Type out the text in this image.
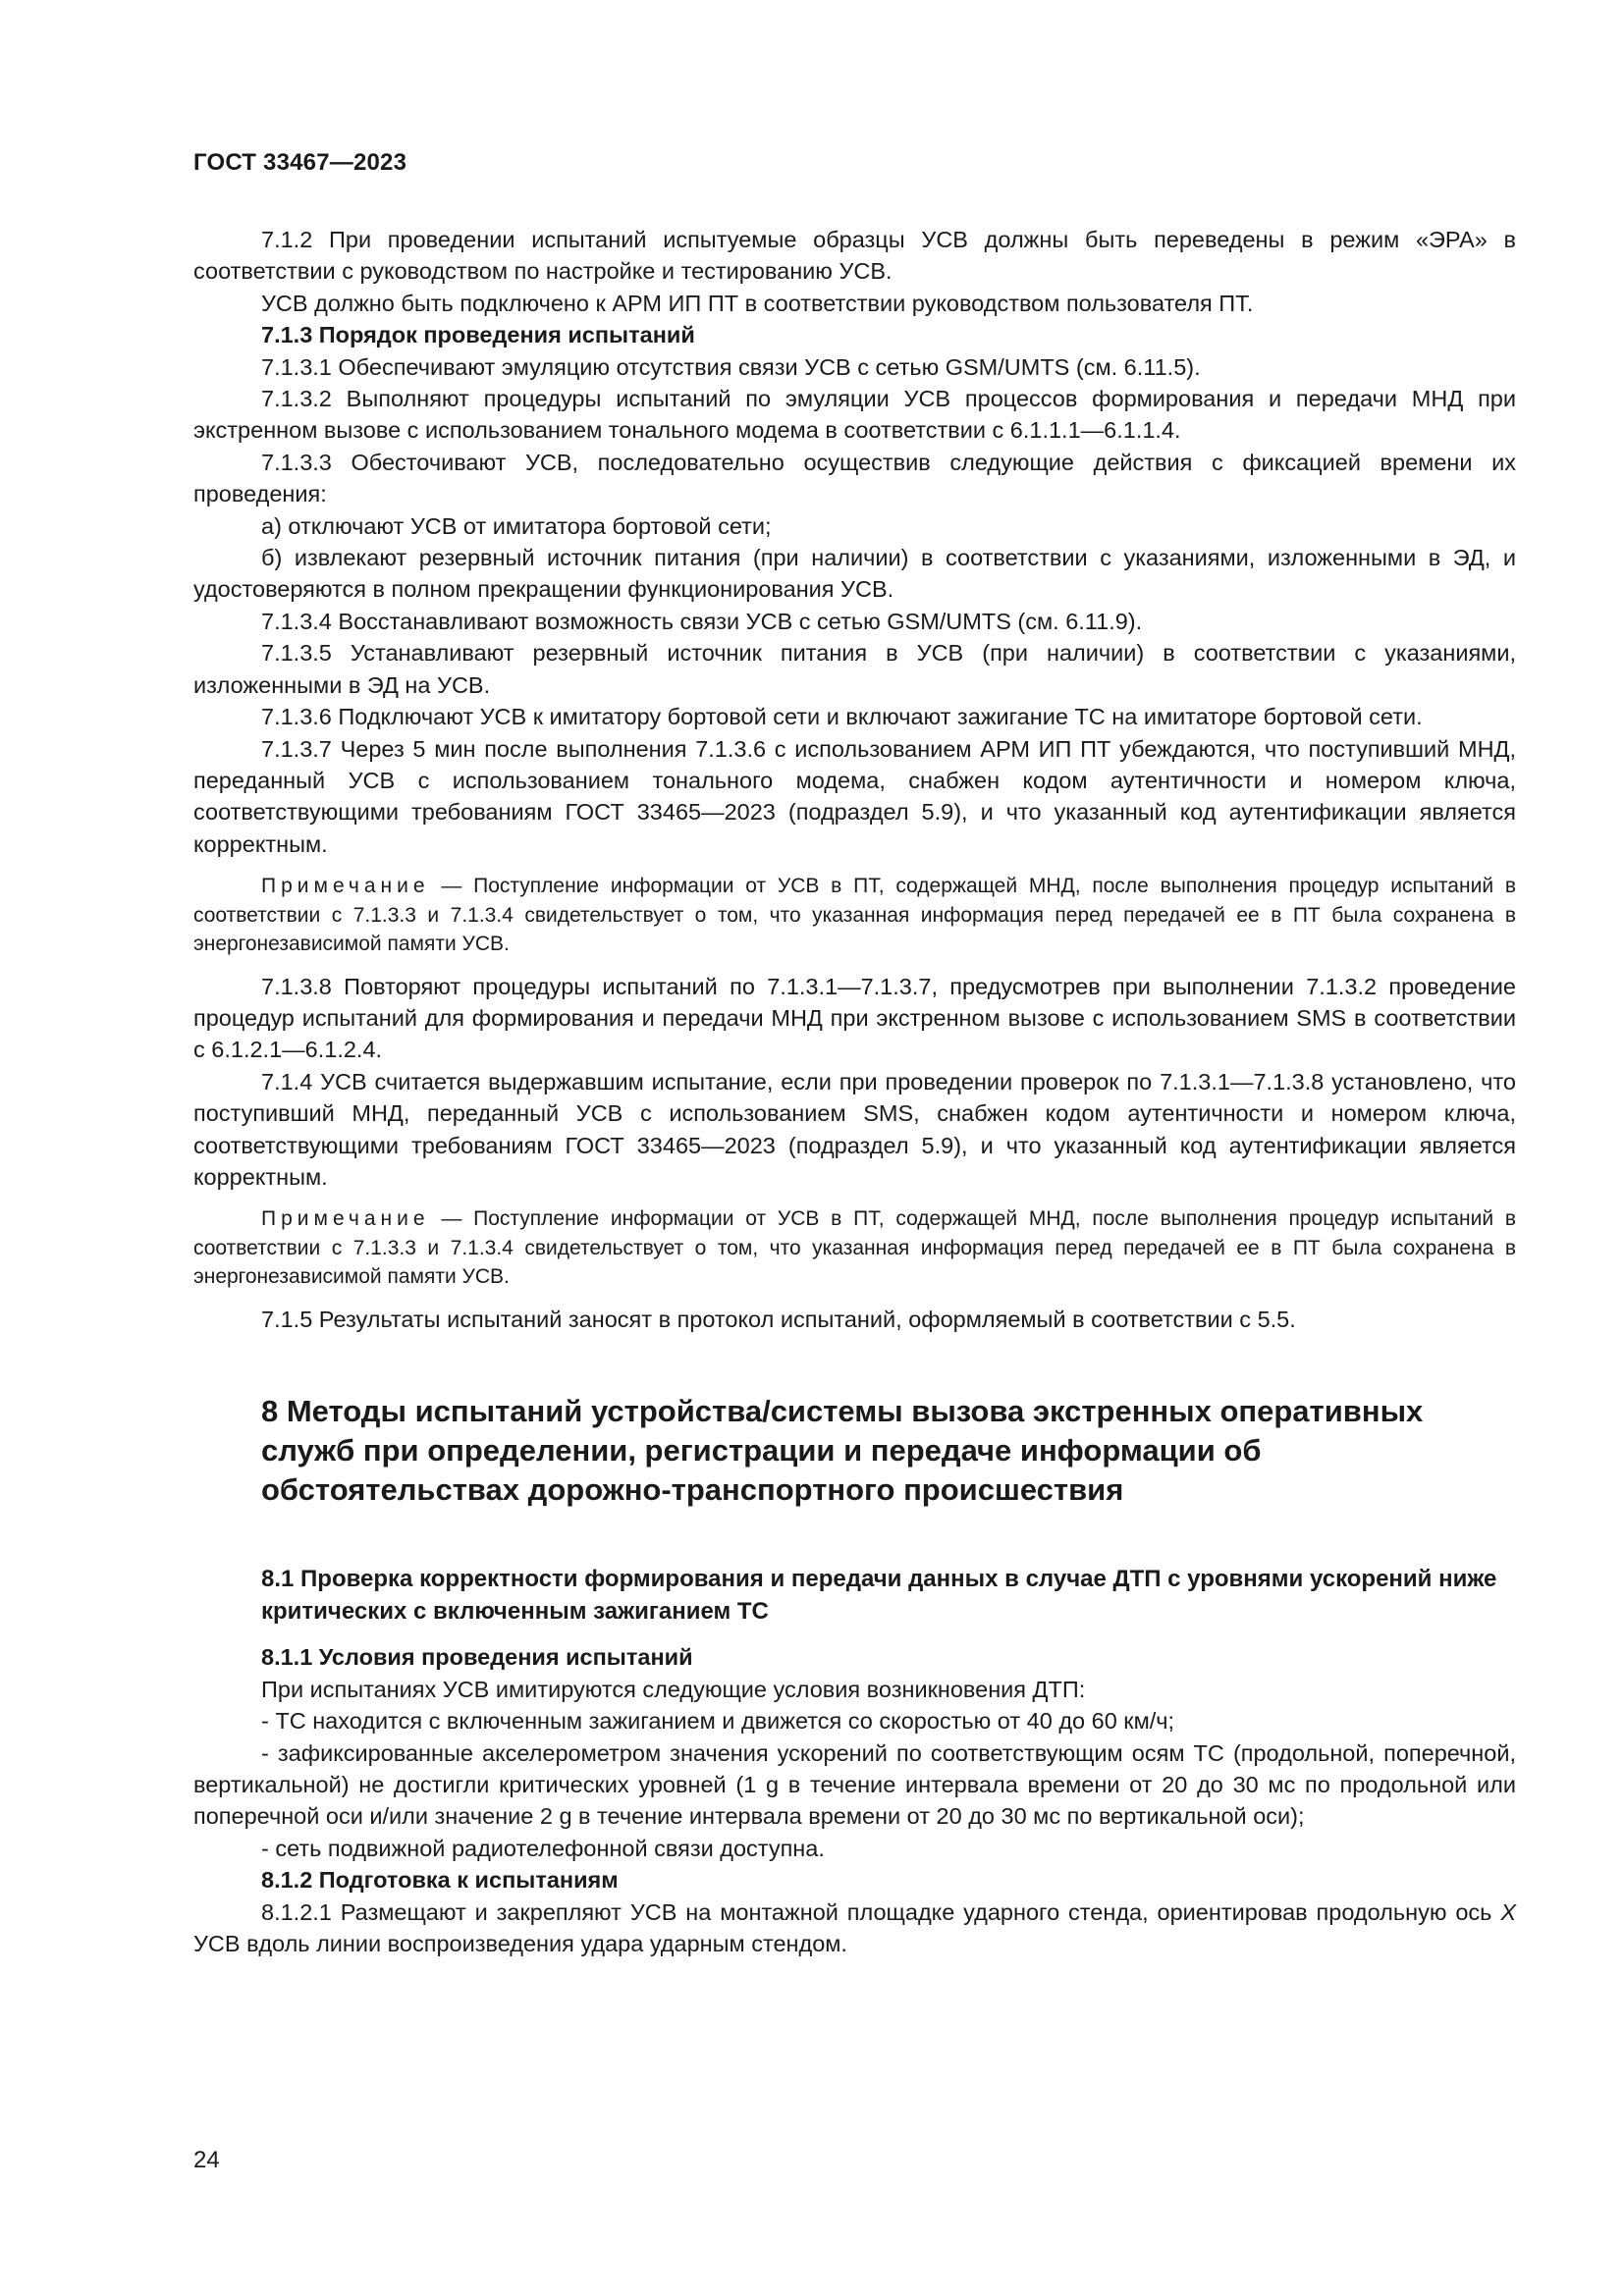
ГОСТ 33467—2023

7.1.2 При проведении испытаний испытуемые образцы УСВ должны быть переведены в режим «ЭРА» в соответствии с руководством по настройке и тестированию УСВ.

УСВ должно быть подключено к АРМ ИП ПТ в соответствии руководством пользователя ПТ.

7.1.3 Порядок проведения испытаний

7.1.3.1 Обеспечивают эмуляцию отсутствия связи УСВ с сетью GSM/UMTS (см. 6.11.5).

7.1.3.2 Выполняют процедуры испытаний по эмуляции УСВ процессов формирования и передачи МНД при экстренном вызове с использованием тонального модема в соответствии с 6.1.1.1—6.1.1.4.

7.1.3.3 Обесточивают УСВ, последовательно осуществив следующие действия с фиксацией времени их проведения:

а) отключают УСВ от имитатора бортовой сети;

б) извлекают резервный источник питания (при наличии) в соответствии с указаниями, изложенными в ЭД, и удостоверяются в полном прекращении функционирования УСВ.

7.1.3.4 Восстанавливают возможность связи УСВ с сетью GSM/UMTS (см. 6.11.9).

7.1.3.5 Устанавливают резервный источник питания в УСВ (при наличии) в соответствии с указаниями, изложенными в ЭД на УСВ.

7.1.3.6 Подключают УСВ к имитатору бортовой сети и включают зажигание ТС на имитаторе бортовой сети.

7.1.3.7 Через 5 мин после выполнения 7.1.3.6 с использованием АРМ ИП ПТ убеждаются, что поступивший МНД, переданный УСВ с использованием тонального модема, снабжен кодом аутентичности и номером ключа, соответствующими требованиям ГОСТ 33465—2023 (подраздел 5.9), и что указанный код аутентификации является корректным.

Примечание — Поступление информации от УСВ в ПТ, содержащей МНД, после выполнения процедур испытаний в соответствии с 7.1.3.3 и 7.1.3.4 свидетельствует о том, что указанная информация перед передачей ее в ПТ была сохранена в энергонезависимой памяти УСВ.

7.1.3.8 Повторяют процедуры испытаний по 7.1.3.1—7.1.3.7, предусмотрев при выполнении 7.1.3.2 проведение процедур испытаний для формирования и передачи МНД при экстренном вызове с использованием SMS в соответствии с 6.1.2.1—6.1.2.4.

7.1.4 УСВ считается выдержавшим испытание, если при проведении проверок по 7.1.3.1—7.1.3.8 установлено, что поступивший МНД, переданный УСВ с использованием SMS, снабжен кодом аутентичности и номером ключа, соответствующими требованиям ГОСТ 33465—2023 (подраздел 5.9), и что указанный код аутентификации является корректным.

Примечание — Поступление информации от УСВ в ПТ, содержащей МНД, после выполнения процедур испытаний в соответствии с 7.1.3.3 и 7.1.3.4 свидетельствует о том, что указанная информация перед передачей ее в ПТ была сохранена в энергонезависимой памяти УСВ.

7.1.5 Результаты испытаний заносят в протокол испытаний, оформляемый в соответствии с 5.5.

8 Методы испытаний устройства/системы вызова экстренных оперативных служб при определении, регистрации и передаче информации об обстоятельствах дорожно-транспортного происшествия

8.1 Проверка корректности формирования и передачи данных в случае ДТП с уровнями ускорений ниже критических с включенным зажиганием ТС

8.1.1 Условия проведения испытаний

При испытаниях УСВ имитируются следующие условия возникновения ДТП:

- ТС находится с включенным зажиганием и движется со скоростью от 40 до 60 км/ч;

- зафиксированные акселерометром значения ускорений по соответствующим осям ТС (продольной, поперечной, вертикальной) не достигли критических уровней (1 g в течение интервала времени от 20 до 30 мс по продольной или поперечной оси и/или значение 2 g в течение интервала времени от 20 до 30 мс по вертикальной оси);

- сеть подвижной радиотелефонной связи доступна.

8.1.2 Подготовка к испытаниям

8.1.2.1 Размещают и закрепляют УСВ на монтажной площадке ударного стенда, ориентировав продольную ось X УСВ вдоль линии воспроизведения удара ударным стендом.

24
